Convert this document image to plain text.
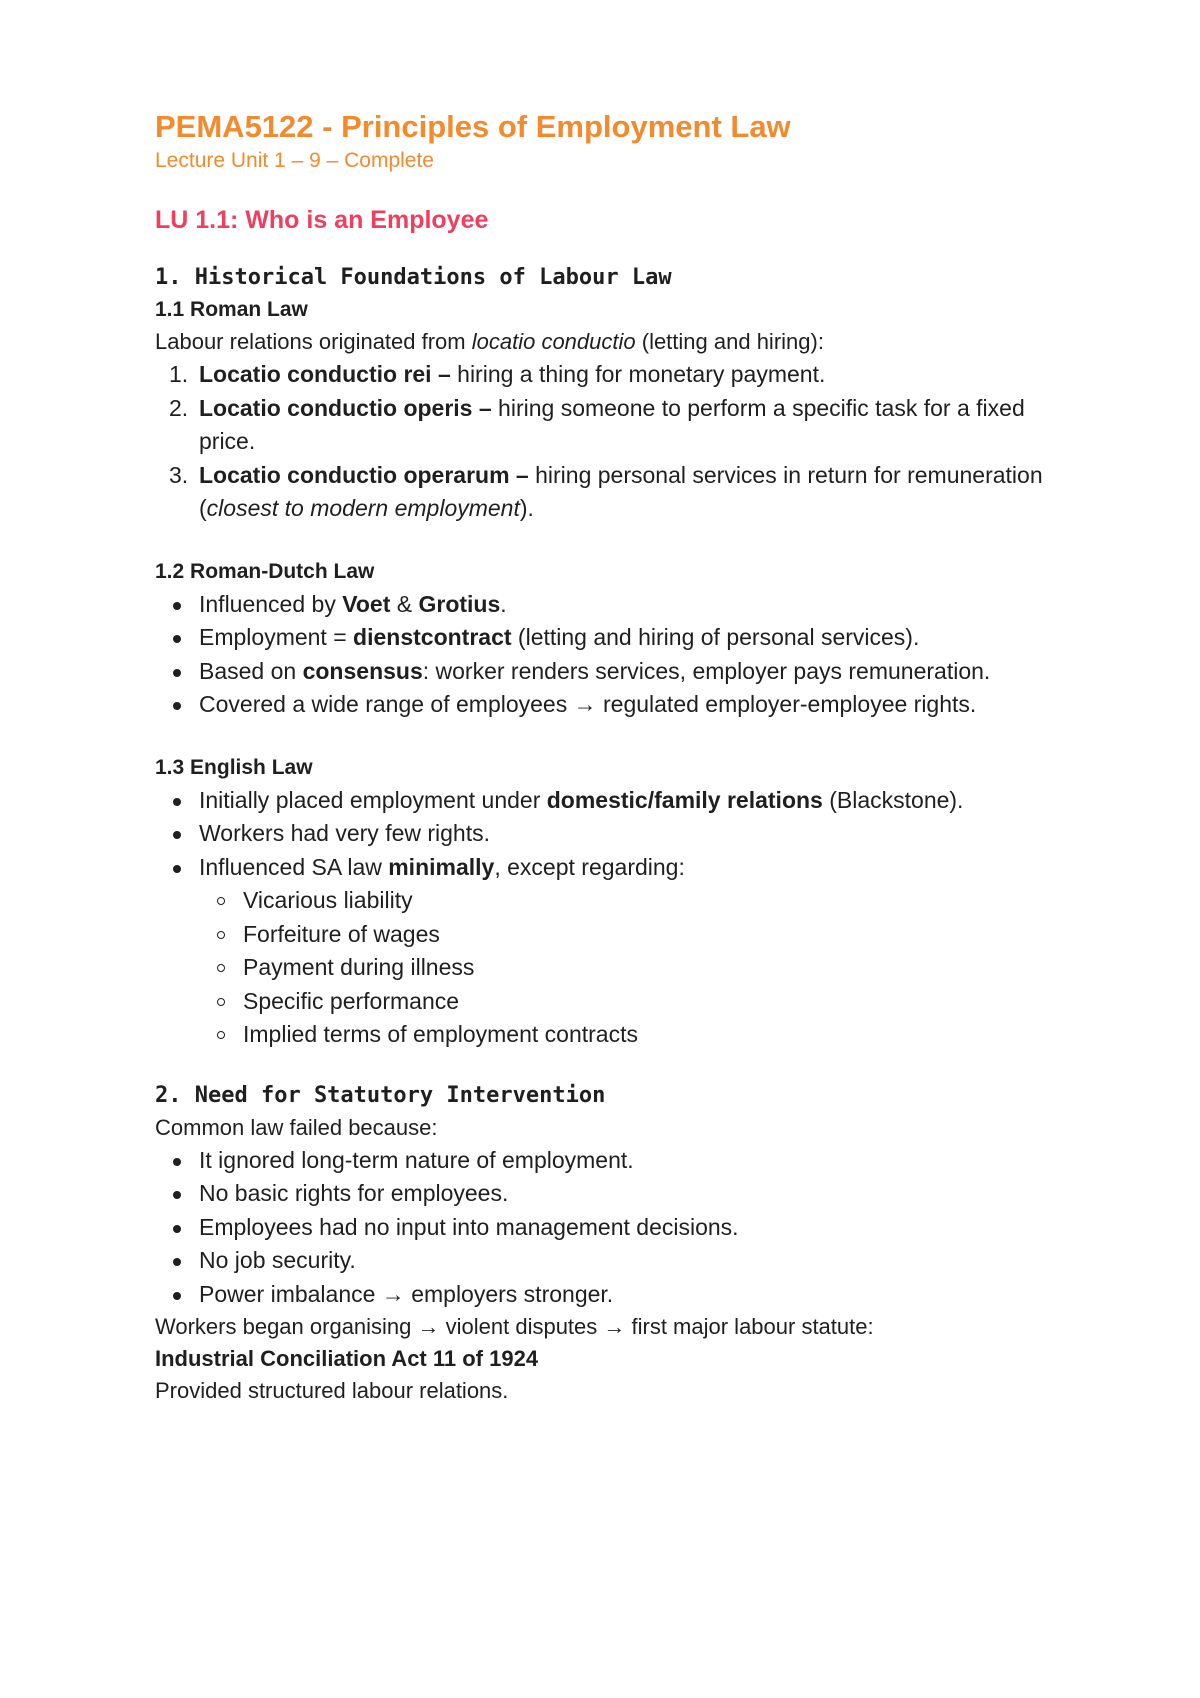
PEMA5122 - Principles of Employment Law

Lecture Unit 1 – 9 – Complete

LU 1.1: Who is an Employee
1. Historical Foundations of Labour Law
1.1 Roman Law

Labour relations originated from locatio conductio (letting and hiring):

1. Locatio conductio rei – hiring a thing for monetary payment.
2. Locatio conductio operis – hiring someone to perform a specific task for a fixed price.
3. Locatio conductio operarum – hiring personal services in return for remuneration (closest to modern employment).
1.2 Roman-Dutch Law
Influenced by Voet & Grotius.
Employment = dienstcontract (letting and hiring of personal services).
Based on consensus: worker renders services, employer pays remuneration.
Covered a wide range of employees → regulated employer-employee rights.
1.3 English Law
Initially placed employment under domestic/family relations (Blackstone).
Workers had very few rights.
Influenced SA law minimally, except regarding:
Vicarious liability
Forfeiture of wages
Payment during illness
Specific performance
Implied terms of employment contracts
2. Need for Statutory Intervention

Common law failed because:

It ignored long-term nature of employment.
No basic rights for employees.
Employees had no input into management decisions.
No job security.
Power imbalance → employers stronger.

Workers began organising → violent disputes → first major labour statute:

Industrial Conciliation Act 11 of 1924

Provided structured labour relations.
